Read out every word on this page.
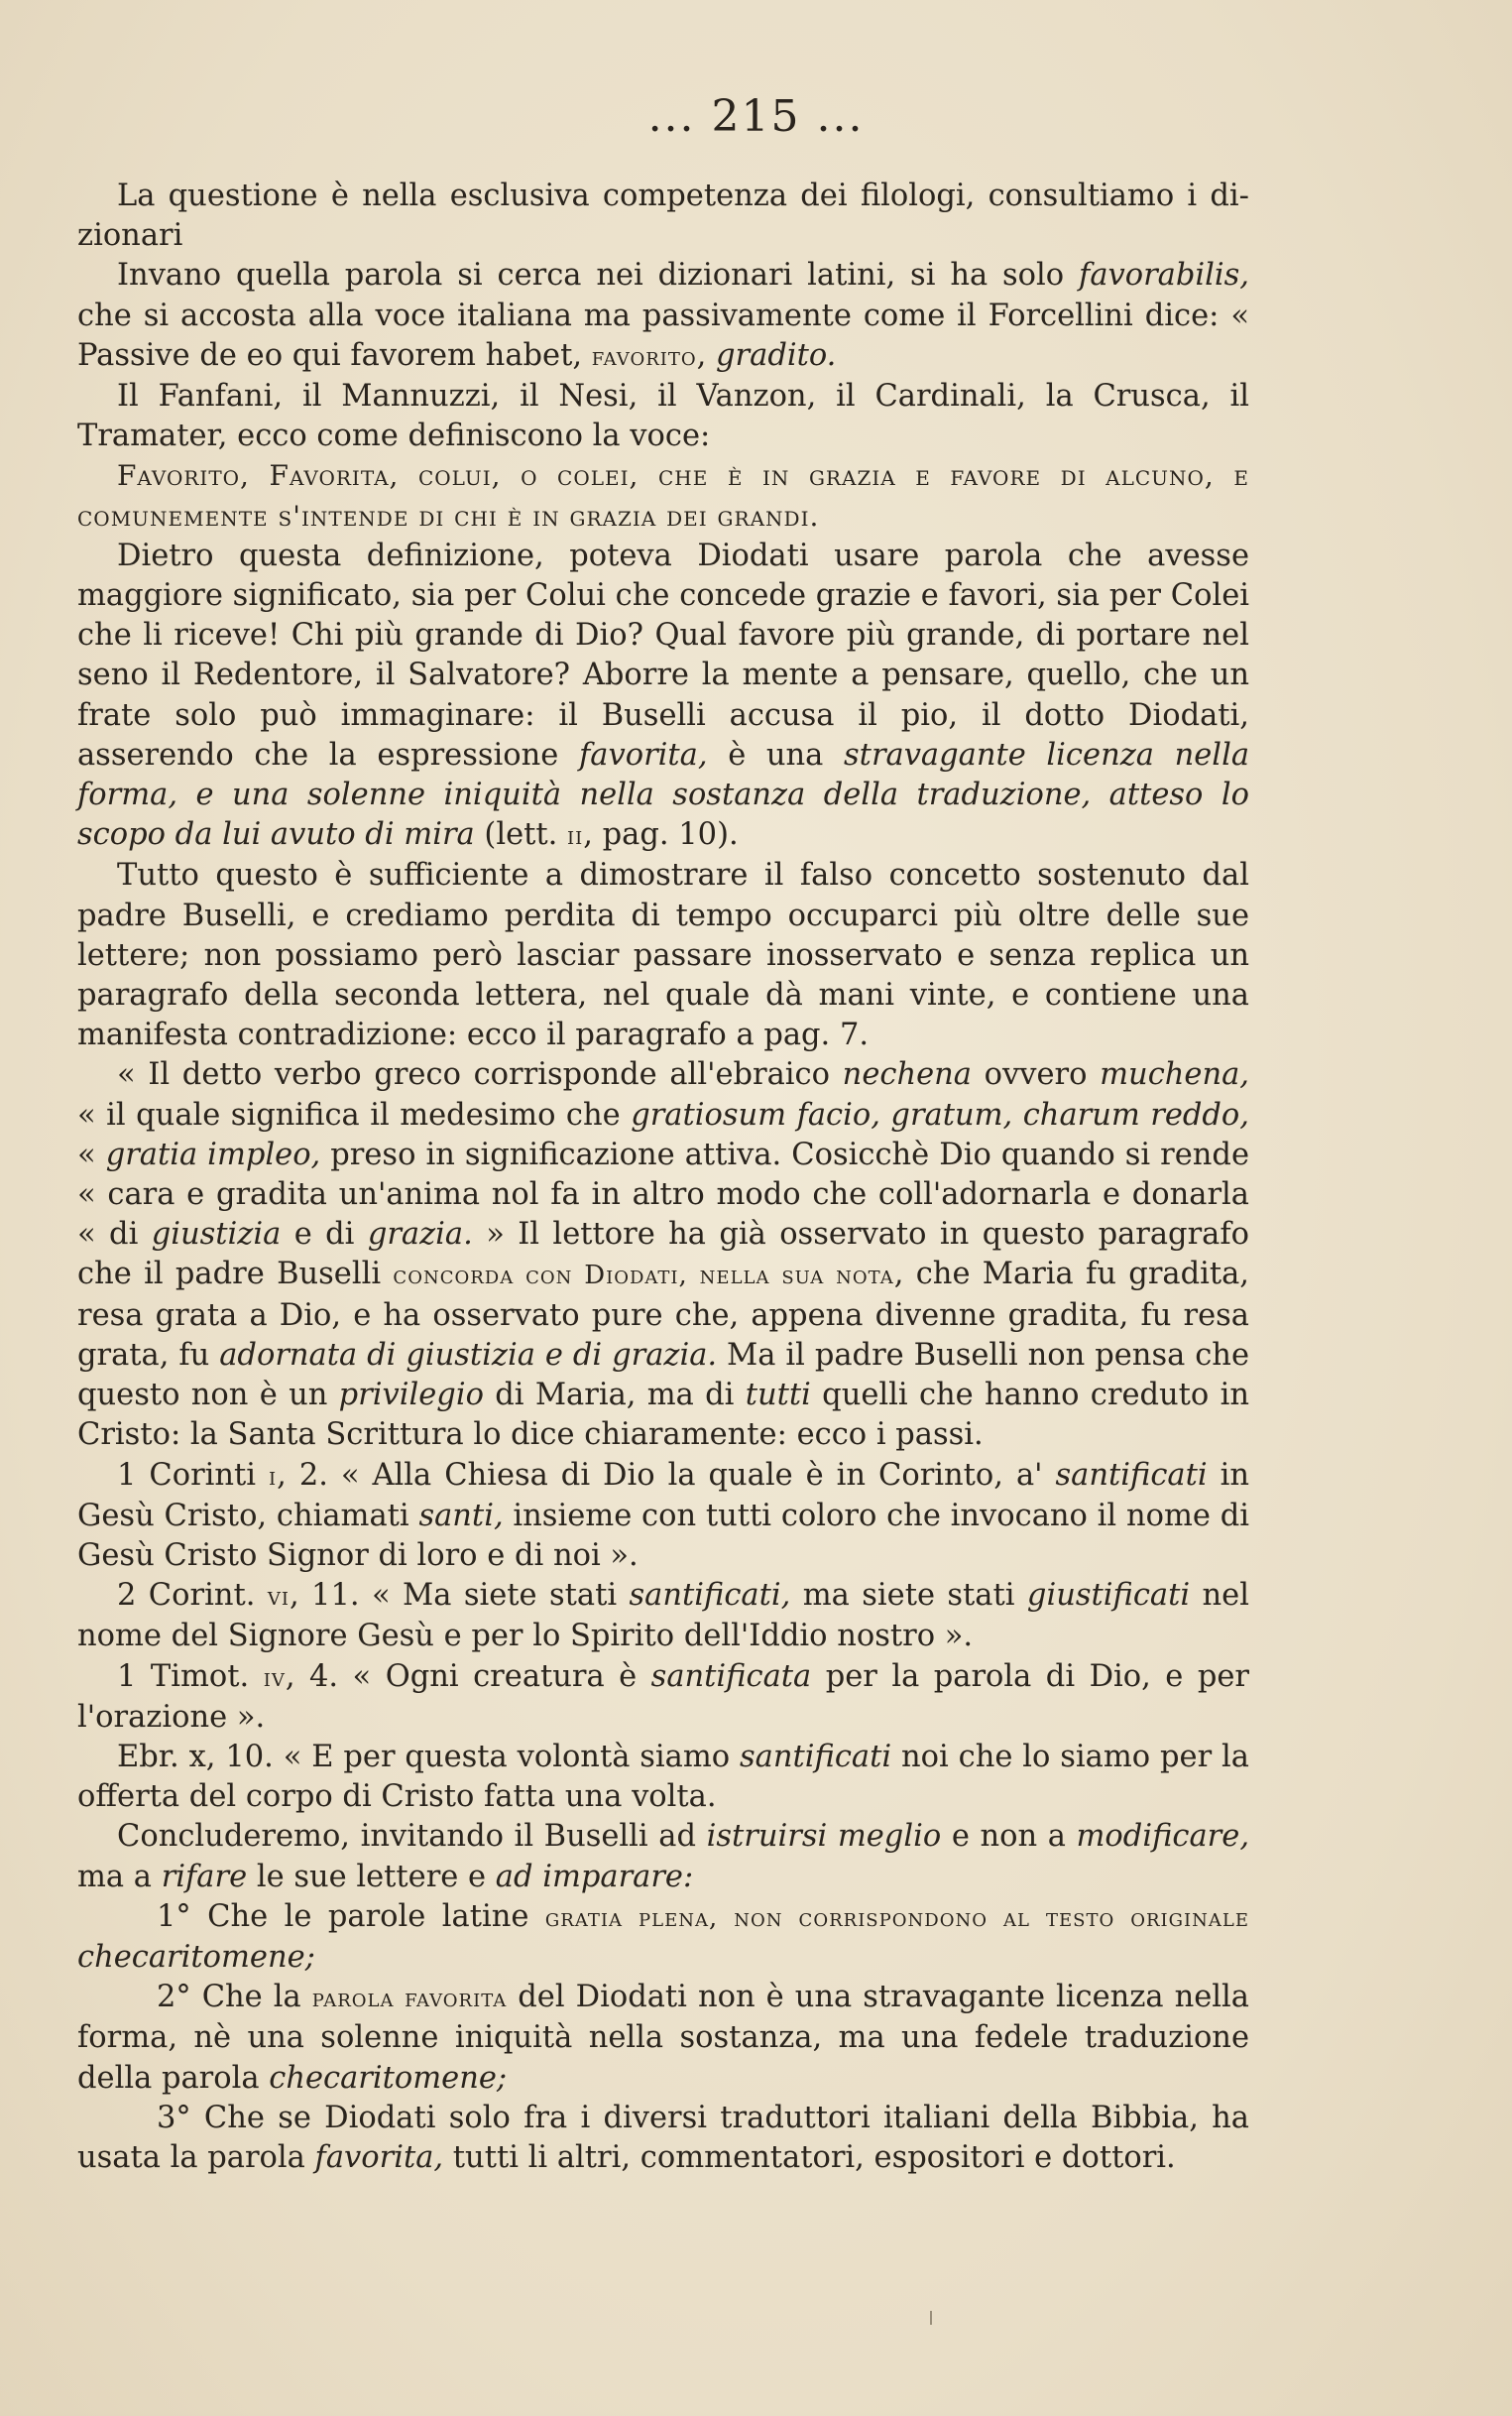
... 215 ...

La questione è nella esclusiva competenza dei filologi, consultiamo i di- zionari

Invano quella parola si cerca nei dizionari latini, si ha solo favorabilis, che si accosta alla voce italiana ma passivamente come il Forcellini dice: « Passive de eo qui favorem habet, favorito, gradito.

Il Fanfani, il Mannuzzi, il Nesi, il Vanzon, il Cardinali, la Crusca, il Tramater, ecco come definiscono la voce:

Favorito, Favorita, colui, o colei, che è in grazia e favore di alcuno, e comunemente s'intende di chi è in grazia dei grandi.

Dietro questa definizione, poteva Diodati usare parola che avesse maggiore significato, sia per Colui che concede grazie e favori, sia per Colei che li riceve! Chi più grande di Dio? Qual favore più grande, di portare nel seno il Redentore, il Salvatore? Aborre la mente a pensare, quello, che un frate solo può immaginare: il Buselli accusa il pio, il dotto Diodati, asserendo che la espressione favorita, è una stravagante licenza nella forma, e una solenne iniquità nella sostanza della traduzione, atteso lo scopo da lui avuto di mira (lett. ii, pag. 10).

Tutto questo è sufficiente a dimostrare il falso concetto sostenuto dal padre Buselli, e crediamo perdita di tempo occuparci più oltre delle sue lettere; non possiamo però lasciar passare inosservato e senza replica un paragrafo della seconda lettera, nel quale dà mani vinte, e contiene una manifesta contradizione: ecco il paragrafo a pag. 7.

« Il detto verbo greco corrisponde all'ebraico nechena ovvero muchena, « il quale significa il medesimo che gratiosum facio, gratum, charum reddo, « gratia impleo, preso in significazione attiva. Cosicchè Dio quando si rende « cara e gradita un'anima nol fa in altro modo che coll'adornarla e donarla « di giustizia e di grazia. » Il lettore ha già osservato in questo paragrafo che il padre Buselli concorda con Diodati, nella sua nota, che Maria fu gradita, resa grata a Dio, e ha osservato pure che, appena divenne gradita, fu resa grata, fu adornata di giustizia e di grazia. Ma il padre Buselli non pensa che questo non è un privilegio di Maria, ma di tutti quelli che hanno creduto in Cristo: la Santa Scrittura lo dice chiaramente: ecco i passi.

1 Corinti i, 2. « Alla Chiesa di Dio la quale è in Corinto, a' santificati in Gesù Cristo, chiamati santi, insieme con tutti coloro che invocano il nome di Gesù Cristo Signor di loro e di noi ».

2 Corint. vi, 11. « Ma siete stati santificati, ma siete stati giustificati nel nome del Signore Gesù e per lo Spirito dell'Iddio nostro ».

1 Timot. iv, 4. « Ogni creatura è santificata per la parola di Dio, e per l'orazione ».

Ebr. x, 10. « E per questa volontà siamo santificati noi che lo siamo per la offerta del corpo di Cristo fatta una volta.

Concluderemo, invitando il Buselli ad istruirsi meglio e non a modificare, ma a rifare le sue lettere e ad imparare:

1° Che le parole latine gratia plena, non corrispondono al testo originale checaritomene;

2° Che la parola favorita del Diodati non è una stravagante licenza nella forma, nè una solenne iniquità nella sostanza, ma una fedele traduzione della parola checaritomene;

3° Che se Diodati solo fra i diversi traduttori italiani della Bibbia, ha usata la parola favorita, tutti li altri, commentatori, espositori e dottori.
